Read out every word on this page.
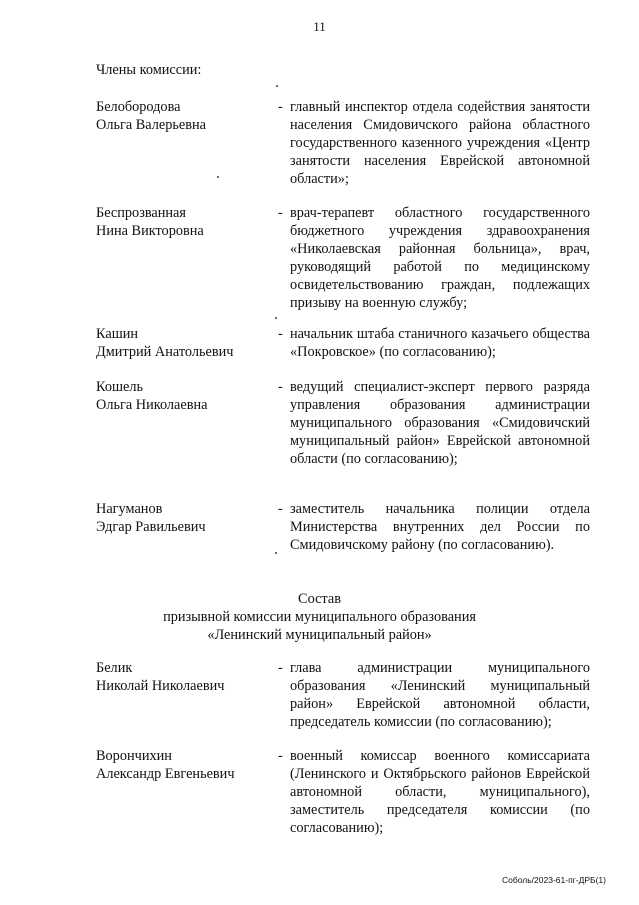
11
Члены комиссии:
Белобородова
Ольга Валерьевна
- главный инспектор отдела содействия занятости населения Смидовичского района областного государственного казенного учреждения «Центр занятости населения Еврейской автономной области»;
Беспрозванная
Нина Викторовна
- врач-терапевт областного государственного бюджетного учреждения здравоохранения «Николаевская районная больница», врач, руководящий работой по медицинскому освидетельствованию граждан, подлежащих призыву на военную службу;
Кашин
Дмитрий Анатольевич
- начальник штаба станичного казачьего общества «Покровское» (по согласованию);
Кошель
Ольга Николаевна
- ведущий специалист-эксперт первого разряда управления образования администрации муниципального образования «Смидовичский муниципальный район» Еврейской автономной области (по согласованию);
Нагуманов
Эдгар Равильевич
- заместитель начальника полиции отдела Министерства внутренних дел России по Смидовичскому району (по согласованию).
Состав
призывной комиссии муниципального образования
«Ленинский муниципальный район»
Белик
Николай Николаевич
- глава администрации муниципального образования «Ленинский муниципальный район» Еврейской автономной области, председатель комиссии (по согласованию);
Ворончихин
Александр Евгеньевич
- военный комиссар военного комиссариата (Ленинского и Октябрьского районов Еврейской автономной области, муниципального), заместитель председателя комиссии (по согласованию);
Соболь/2023-61-пг-ДРБ(1)
